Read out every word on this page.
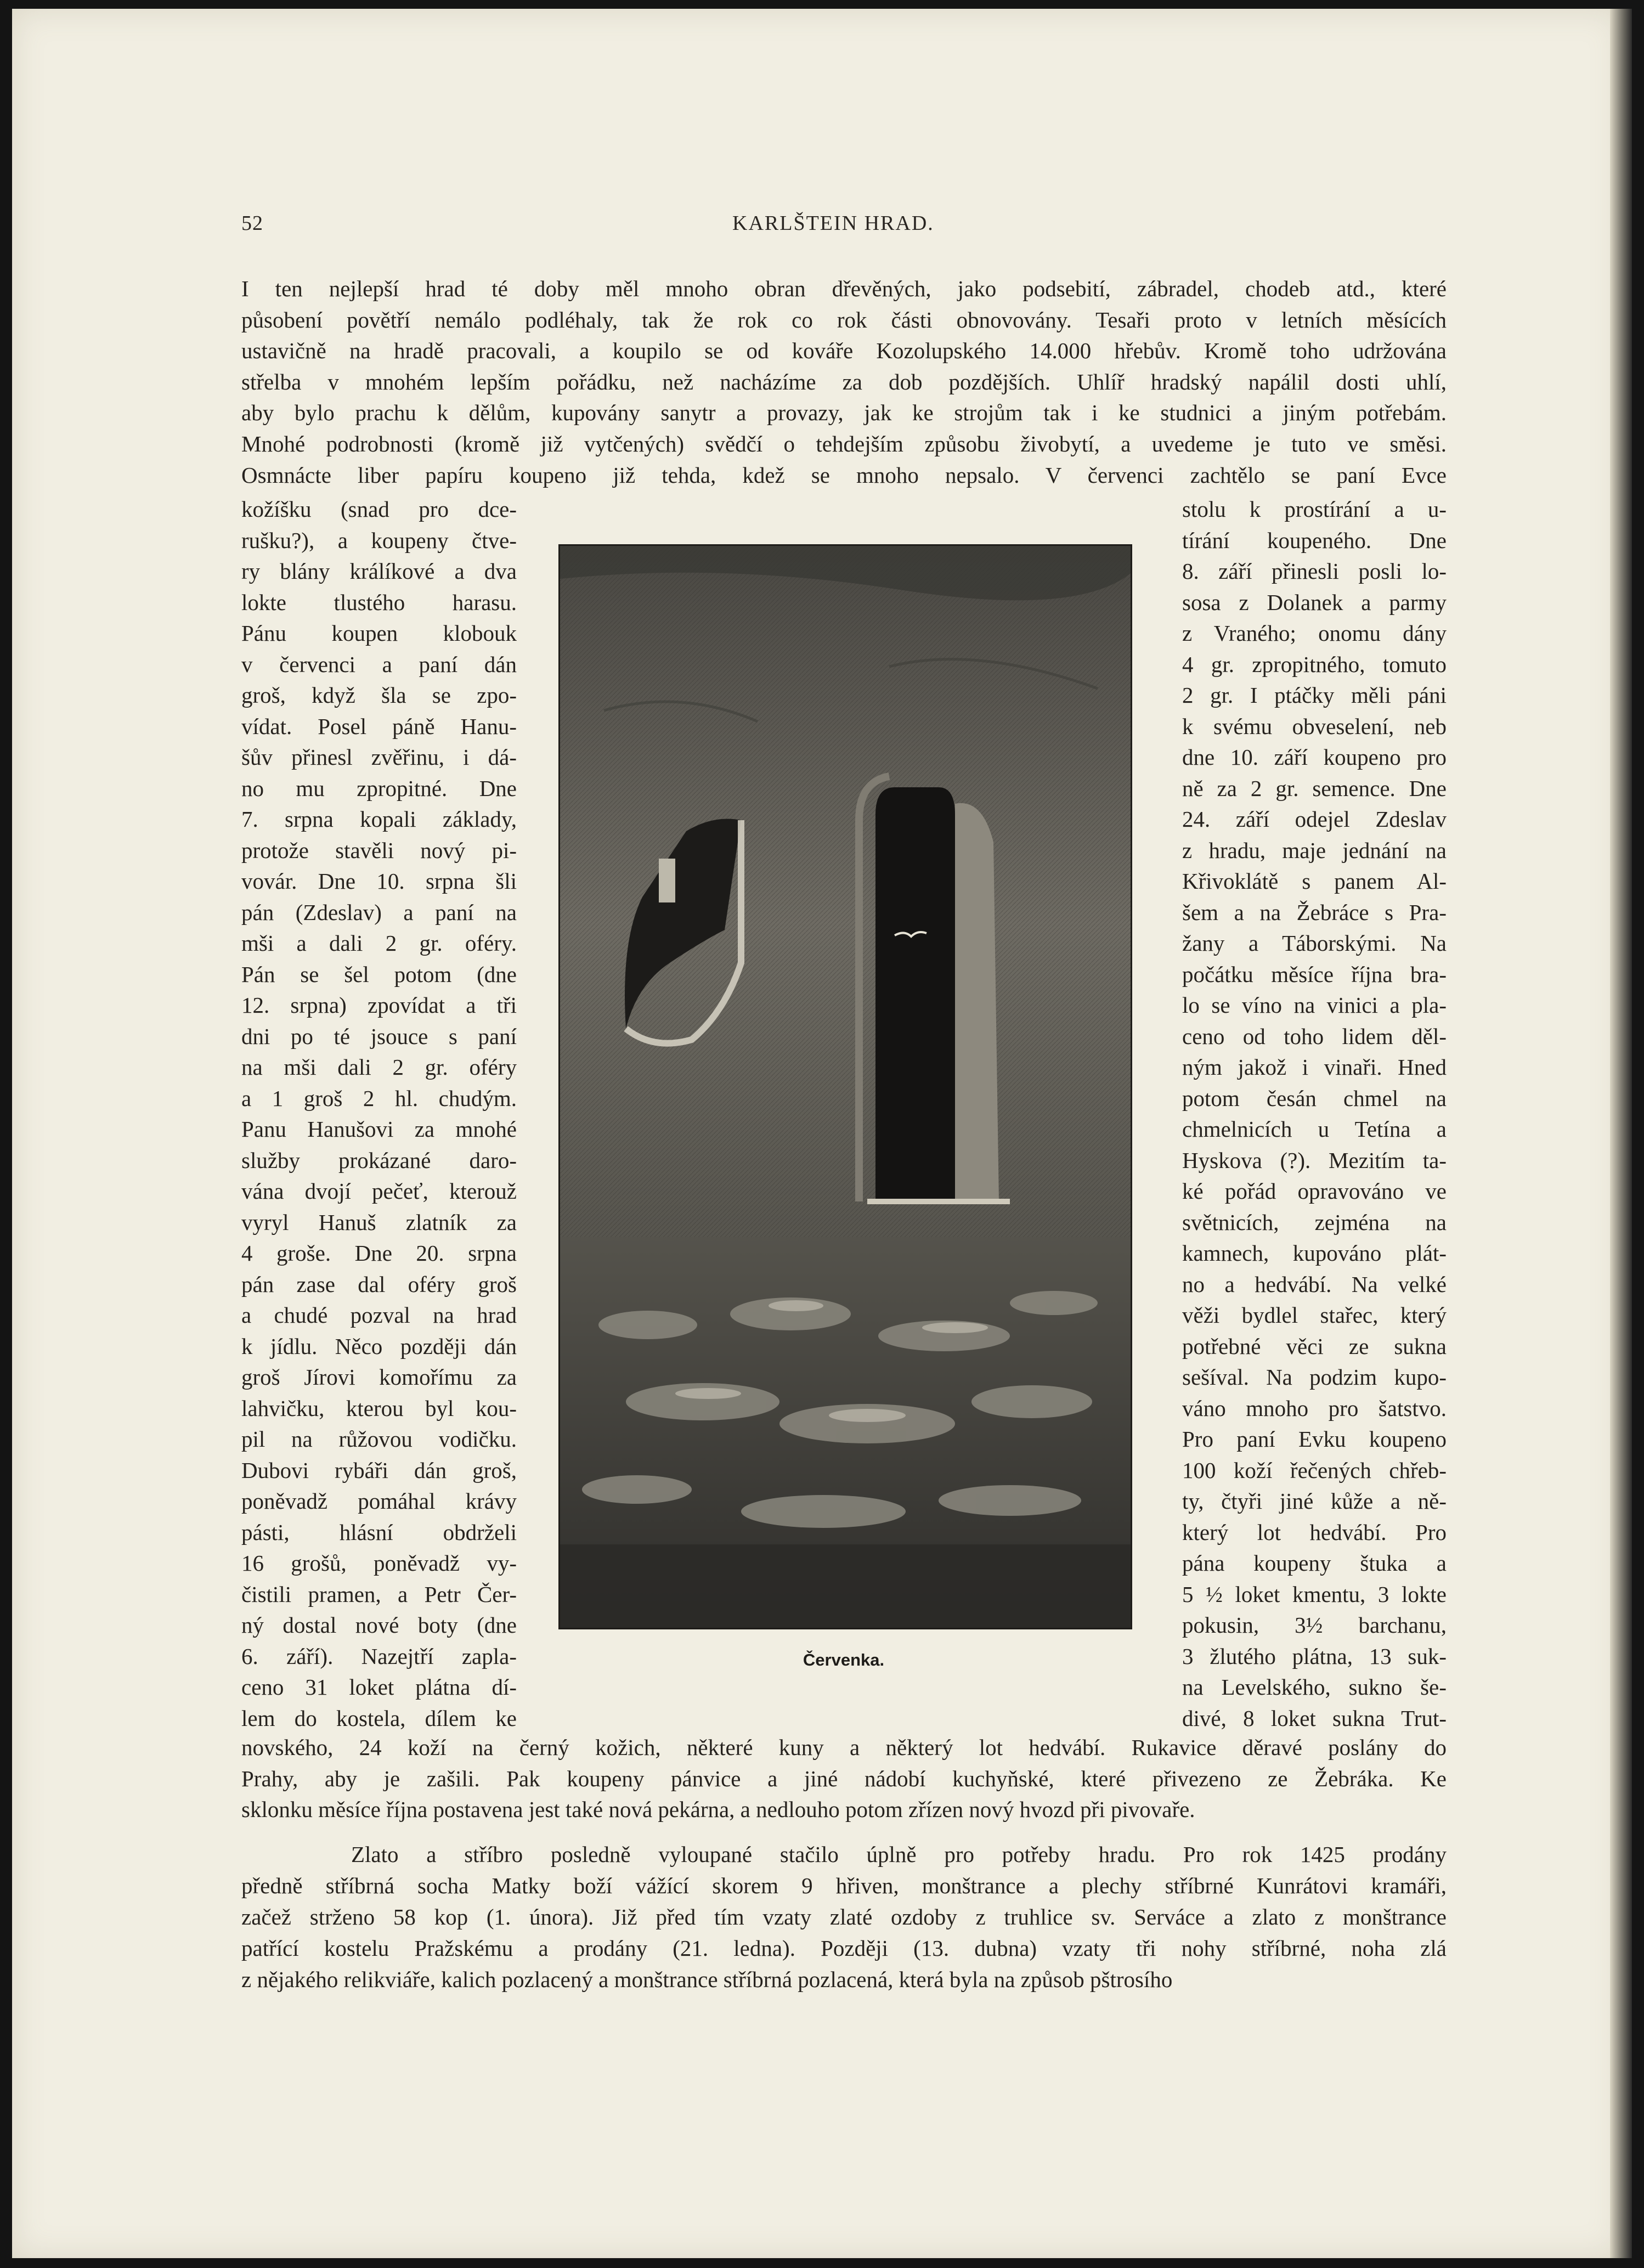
52	KARLŠTEIN HRAD.
I ten nejlepší hrad té doby měl mnoho obran dřevěných, jako podsebití, zábradel, chodeb atd., které
působení povětří nemálo podléhaly, tak že rok co rok části obnovovány. Tesaři proto v letních měsících
ustavičně na hradě pracovali, a koupilo se od kováře Kozolupského 14.000 hřebův. Kromě toho udržována
střelba v mnohém lepším pořádku, než nacházíme za dob pozdějších. Uhlíř hradský napálil dosti uhlí,
aby bylo prachu k dělům, kupovány sanytr a provazy, jak ke strojům tak i ke studnici a jiným potřebám.
Mnohé podrobnosti (kromě již vytčených) svědčí o tehdejším způsobu živobytí, a uvedeme je tuto ve směsi.
Osmnácte liber papíru koupeno již tehda, kdež se mnoho nepsalo. V červenci zachtělo se paní Evce
kožíšku (snad pro dce-
rušku?), a koupeny čtve-
ry blány králíkové a dva
lokte tlustého harasu.
Pánu koupen klobouk
v červenci a paní dán
groš, když šla se zpo-
vídat. Posel páně Hanu-
šův přinesl zvěřinu, i dá-
no mu zpropitné. Dne
7. srpna kopali základy,
protože stavěli nový pi-
vovár. Dne 10. srpna šli
pán (Zdeslav) a paní na
mši a dali 2 gr. oféry.
Pán se šel potom (dne
12. srpna) zpovídat a tři
dni po té jsouce s paní
na mši dali 2 gr. oféry
a 1 groš 2 hl. chudým.
Panu Hanušovi za mnohé
služby prokázané daro-
vána dvojí pečeť, kterouž
vyryl Hanuš zlatník za
4 groše. Dne 20. srpna
pán zase dal oféry groš
a chudé pozval na hrad
k jídlu. Něco později dán
groš Jírovi komořímu za
lahvičku, kterou byl kou-
pil na růžovou vodičku.
Dubovi rybáři dán groš,
poněvadž pomáhal krávy
pásti, hlásní obdrželi
16 grošů, poněvadž vy-
čistili pramen, a Petr Čer-
ný dostal nové boty (dne
6. září). Nazejtří zapla-
ceno 31 loket plátna dí-
lem do kostela, dílem ke
Červenka.
stolu k prostírání a u-
tírání koupeného. Dne
8. září přinesli posli lo-
sosa z Dolanek a parmy
z Vraného; onomu dány
4 gr. zpropitného, tomuto
2 gr. I ptáčky měli páni
k svému obveselení, neb
dne 10. září koupeno pro
ně za 2 gr. semence. Dne
24. září odejel Zdeslav
z hradu, maje jednání na
Křivoklátě s panem Al-
šem a na Žebráce s Pra-
žany a Táborskými. Na
počátku měsíce října bra-
lo se víno na vinici a pla-
ceno od toho lidem děl-
ným jakož i vinaři. Hned
potom česán chmel na
chmelnicích u Tetína a
Hyskova (?). Mezitím ta-
ké pořád opravováno ve
světnicích, zejména na
kamnech, kupováno plát-
no a hedvábí. Na velké
věži bydlel stařec, který
potřebné věci ze sukna
sešíval. Na podzim kupo-
váno mnoho pro šatstvo.
Pro paní Evku koupeno
100 koží řečených chřeb-
ty, čtyři jiné kůže a ně-
který lot hedvábí. Pro
pána koupeny štuka a
5 ½ loket kmentu, 3 lokte
pokusin, 3½ barchanu,
3 žlutého plátna, 13 suk-
na Levelského, sukno še-
divé, 8 loket sukna Trut-
novského, 24 koží na černý kožich, některé kuny a některý lot hedvábí. Rukavice děravé poslány do
Prahy, aby je zašili. Pak koupeny pánvice a jiné nádobí kuchyňské, které přivezeno ze Žebráka. Ke
sklonku měsíce října postavena jest také nová pekárna, a nedlouho potom zřízen nový hvozd při pivovaře.
Zlato a stříbro posledně vyloupané stačilo úplně pro potřeby hradu. Pro rok 1425 prodány
předně stříbrná socha Matky boží vážící skorem 9 hřiven, monštrance a plechy stříbrné Kunrátovi kramáři,
začež strženo 58 kop (1. února). Již před tím vzaty zlaté ozdoby z truhlice sv. Serváce a zlato z monštrance
patřící kostelu Pražskému a prodány (21. ledna). Později (13. dubna) vzaty tři nohy stříbrné, noha zlá
z nějakého relikviáře, kalich pozlacený a monštrance stříbrná pozlacená, která byla na způsob pštrosího
